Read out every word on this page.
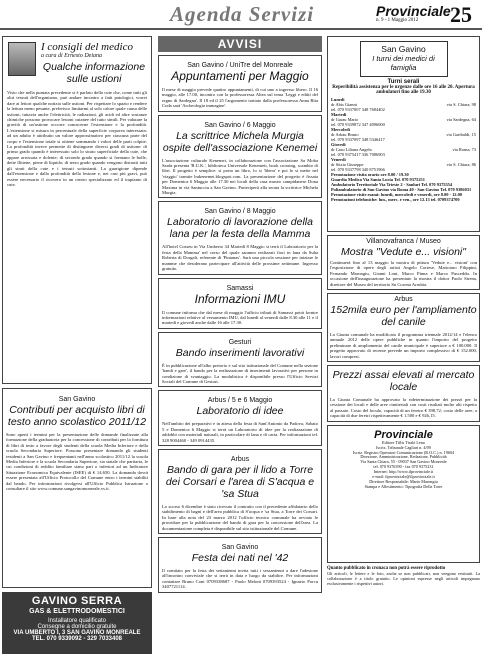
Agenda Servizi	Provinciale
n. 9 - 1 Maggio 2012 25
I consigli del medico
a cura di Ernesto Deiana
Qualche informazione sulle ustioni
Visto che nella puntata precedente si è parlato della cute che, come tutti gli altri tessuti dell'organismo, può andare incontro a fatti patologici, vorrei dare ai lettori qualche notizia sulle ustioni. Per rispettare lo spazio e rendere la lettura meno pesante, preferisco limitarmi al solo calore quale causa delle ustioni; tuttavia anche l'elettricità, le radiazioni, gli acidi ed altre sostanze chimiche possono provocare lesioni cutanee del tutto simili. Per valutare la gravità di un'ustione occorre conoscerne l'estensione e la profondità. L'estensione si misura in percentuale della superficie corporea interessata: ad un adulto è attribuito un valore approssimativo per ciascuna parte del corpo e l'estensione totale si ottiene sommando i valori delle parti colpite. La profondità invece permette di distinguere diversi gradi di ustione: di primo grado quando è interessato solo lo strato superficiale della cute, che appare arrossata e dolente; di secondo grado quando si formano le bolle, dette flittene, piene di liquido; di terzo grado quando vengono distrutti tutti gli strati della cute e i tessuti sottostanti. La guarigione dipende dall'estensione e dalla profondità della lesione e, nei casi più gravi, può essere necessario il ricovero in un centro specializzato ed il trapianto di cute.
San Gavino
Contributi per acquisto libri di testo anno scolastico 2011/12
Sono aperti i termini per la presentazione delle domande finalizzate alla formazione della graduatoria per la concessione di contributi per la fornitura di libri di testo a favore degli studenti della scuola Media Inferiore e della scuola Secondaria Superiore. Possono presentare domanda gli studenti residenti a San Gavino e frequentanti nell'anno scolastico 2011/12 la scuola Media Inferiore e la scuola Secondaria Superiore, sia statale che paritaria, le cui condizioni di reddito familiare siano pari o inferiori ad un Indicatore Situazione Economica Equivalente (ISEE) di € 14.650. La domanda dovrà essere presentata all'Ufficio Protocollo del Comune entro i termini stabiliti dal bando. Per informazioni rivolgersi all'Ufficio Pubblica Istruzione o consultare il sito www.comune.sangavinomonreale.vs.it.
GAVINO SERRA
GAS & ELETTRODOMESTICI
Installatore qualificato
Consegne a domicilio gratuite
VIA UMBERTO I, 3 SAN GAVINO MONREALE
TEL. 070 9339092 - 329 7033408
AVVISI
San Gavino / UniTre del Monreale
Appuntamenti per Maggio
Il mese di maggio prevede quattro appuntamenti, di cui uno a ingresso libero. Il 16 maggio, alle 17.00, incontro con la professoressa Altea sul tema 'Leggi e editti del regno di Sardegna'. Il 18 ed il 25 l'argomento trattato dalla professoressa Anna Rita Coda sarà 'Archeologia immagine'.
San Gavino / 6 Maggio
La scrittrice Michela Murgia ospite dell'associazione Kenemei
L'associazione culturale Kenemei, in collaborazione con l'associazione Sa Moba Sarda presenta 'B.U.K.', biblioteca Universale Kenemeii, book crossing, scambio di libri. Il progetto è semplice: si porta un libro, lo si 'libera' e poi lo si mette nel 'viaggio' tramite bukenemei.blogspot.com. La presentazione del progetto è fissata per Domenica 6 Maggio alle 17.30 nei locali della casa museo campidanese Dona Maxima in via Santucciu a San Gavino. Parteciperà alla serata la scrittrice Michela Murgia.
San Gavino / 8 Maggio
Laboratorio di lavorazione della lana per la festa della Mamma
All'hotel Cosseu in Via Umberto 34 Martedì 8 Maggio si terrà il Laboratorio per la festa della Mamma' nel corso del quale saranno realizzati fiori in lana da Suha Roberta di Dorgali, referente di 'Pintanas'. Sarà una piccola sessione per iniziare le mamme che desiderano partecipare all'attività delle prossime settimane. Ingresso gratuito.
Samassi
Informazioni IMU
Il comune informa che dal mese di maggio l'ufficio tributi di Samassi potrà fornire informazioni relative al versamento IMU, dal lunedì al venerdì dalle 8.30 alle 11 e il martedì e giovedì anche dalle 16 alle 17.30.
Gesturi
Bando inserimenti lavorativi
È in pubblicazione all'albo pretorio e sul sito istituzionale del Comune nella sezione 'bandi e gare', il bando per la realizzazione di inserimenti lavorativi per persone in condizione di svantaggio. La modulistica è disponibile presso l'Ufficio Servizi Sociali del Comune di Gesturi.
Arbus / 5 e 6 Maggio
Laboratorio di idee
Nell'ambito dei preparativi e in attesa della festa di Sant'Antonio da Padova, Sabato 5 e Domenica 6 Maggio si terrà un Laboratorio di idee per la realizzazione di addobbi con materiali naturali, in particolare di lana e di carta. Per informazioni tel. 328 9004460 - 349 0914435.
Arbus
Bando di gara per il lido a Torre dei Corsari e l'area di S'acqua e 'sa Stua
Lo scorso 6 dicembre è stato ricevuto il contratto con il precedente affidatario dello stabilimento di bagni e dell'area pubblica di S'acqua e 'sa Stua, a Torre dei Corsari. In base alla nota del 23 marzo 2012 l'ufficio tecnico comunale ha avviato le procedure per la pubblicazione del bando di gara per la concessione dell'area. La documentazione completa è disponibile sul sito istituzionale del Comune.
San Gavino
Festa dei nati nel '42
Il comitato per la festa dei settantenni invita tutti i sessantenni a dare l'adesione all'incontro conviviale che si terrà in data e luogo da stabilire. Per informazioni contattare Bruno Coni 0709338687 - Paolo Melonì 0709393524 - Ignazio Porcu 3407721114.
San Gavino
I turni dei medici di famiglia
Turni serali
Reperibilità assistenza per le urgenze dalle ore 16 alle 20. Apertura ambulatori fino alle 19.30
Lunedì
dr Abis Gianni	via S. Chiara, 98
tel. 070 9337007 348 7684402
Martedì
dr Garau Mario	via Sardegna, 64
tel. 070 9339872 347 4096000
Mercoledì
dr Arbau Bruno	via Garibaldi, 15
tel. 070 9337097 348 5346417
Giovedì
dr Casu Liliana Angela	via Roma, 73
tel. 070 9375417 336 7086903
Venerdì
dr Sitzia Giuseppe	via S. Chiara, 86
tel. 070 9337798 340 8751966
Prenotazione visita orario ore 8.00 / 19.30
Guardia Medica Via Santa Lucia Tel. 070 9375251
Ambulatorio Territoriale Via Trieste 2 - Sanluri Tel. 070 9375554
Poliambulatorio di San Gavino via Roma 40 - San Gavino Tel. 070 9386031
Prenotazione visite esami: lunedì, mercoledì e venerdì, ore 8.00 - 12.00
Prenotazioni telefoniche: lun., merc. e ven., ore 12.13 tel. 0709374700
Villanovafranca / Museo
Mostra "Vedute e... visioni"
Continuerà fino al 13 maggio la mostra di pittura 'Vedute e... visioni' con l'esposizione di opere degli artisti Angelo Cortese, Mariotaro Filippini, Fernando Marongiu, Gianni Loni, Marco Pinna e Marco Pusceddu. In occasione dell'inaugurazione ha presentato la mostra il dottor Paolo Sirena, direttore del Museo del territorio Su Corona Arrubia.
Arbus
152mila euro per l'ampliamento del canile
La Giunta comunale ha modificato il programma triennale 2012/14 e l'elenco annuale 2012 delle opere pubbliche in quanto l'importo del progetto preliminare di ampliamento del canile municipale è superiore a € 100.000. Il progetto approvato di recente prevede un importo complessivo di € 152.000, lavori compresi.
Prezzi assai elevati al mercato locale
La Giunta Comunale ha approvato la rideterminazione dei prezzi per la cessione dei loculi e delle aree cimiteriali con costi risultati molto alti rispetto al passato. Costo del loculo, capacità di un feretro € 398,72; costo delle aree, a capacità di due feretri rispettivamente € 1.500 e € 926,15.
Provinciale
Editore Tiflis Tiralò Leno
Iscriz. Tribunale Cagliari n. 4/09
Iscriz. Registro Operatori Comunicazione (R.O.C.) n. 19604
Direzione, Amministrazione, Redazione, Pubblicità
Via Santa Chiara, 55 - 09037 San Gavino Monreale
tel. 070 9376390 - fax 070 9375231
Internet: http://www.ilprovinciale.it
e-mail: ilprovinciale@ilprovinciale.it
Direttore Responsabile: Mario Marongiu
Stampa e Allestimento: Tipografia Della Torre
Quanto pubblicato in cronaca non potrà essere riprodotto
Gli articoli, le lettere e le foto, anche se non pubblicati, non vengono restituiti. La collaborazione è a titolo gratuito. Le opinioni espresse negli articoli impegnano esclusivamente i rispettivi autori.
